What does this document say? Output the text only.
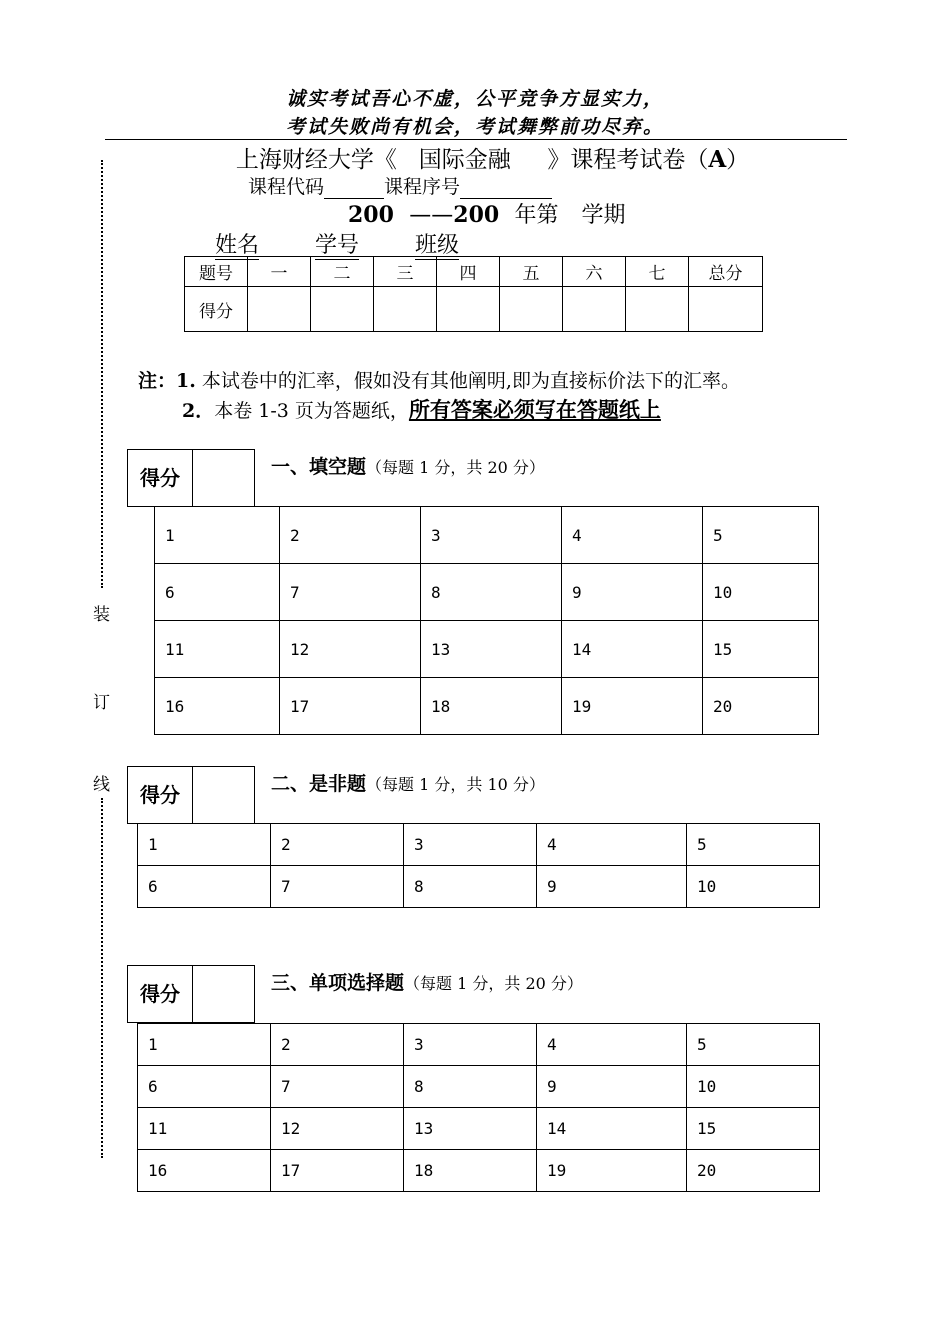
诚实考试吾心不虚，公平竞争方显实力，
考试失败尚有机会，考试舞弊前功尽弃。
装
订
线
上海财经大学《 国际金融 》课程考试卷（A）
课程代码	课程序号
200 ——200 年第 学期
姓名	学号	班级
题号	一	二	三	四	五	六	七	总分
得分								
注：1. 本试卷中的汇率，假如没有其他阐明,即为直接标价法下的汇率。
2．本卷 1-3 页为答题纸，所有答案必须写在答题纸上
得分	一、填空题（每题 1 分，共 20 分）
1	2	3	4	5
6	7	8	9	10
11	12	13	14	15
16	17	18	19	20
得分	二、是非题（每题 1 分，共 10 分）
1	2	3	4	5
6	7	8	9	10
得分	三、单项选择题（每题 1 分，共 20 分）
1	2	3	4	5
6	7	8	9	10
11	12	13	14	15
16	17	18	19	20
